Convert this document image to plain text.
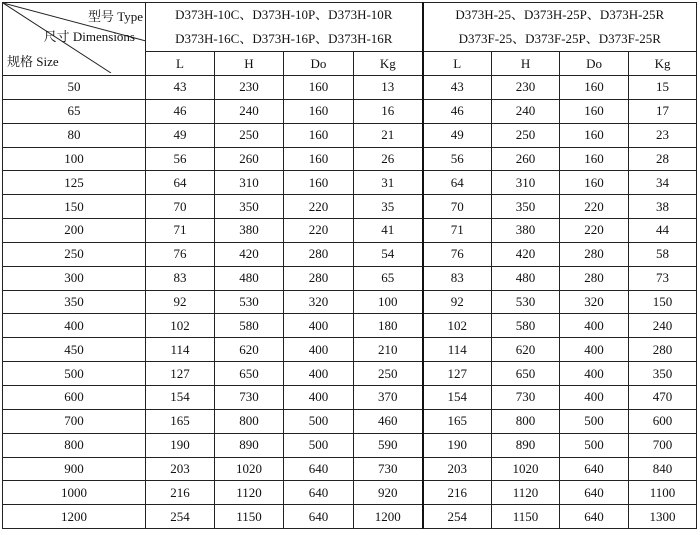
型号 Type
尺寸 Dimensions
规格 Size	D373H-10C、D373H-10P、D373H-10R
D373H-16C、D373H-16P、D373H-16R				D373H-25、D373H-25P、D373H-25R
D373F-25、D373F-25P、D373F-25R			

	L	H	Do	Kg	L	H	Do	Kg
50	43	230	160	13	43	230	160	15
65	46	240	160	16	46	240	160	17
80	49	250	160	21	49	250	160	23
100	56	260	160	26	56	260	160	28
125	64	310	160	31	64	310	160	34
150	70	350	220	35	70	350	220	38
200	71	380	220	41	71	380	220	44
250	76	420	280	54	76	420	280	58
300	83	480	280	65	83	480	280	73
350	92	530	320	100	92	530	320	150
400	102	580	400	180	102	580	400	240
450	114	620	400	210	114	620	400	280
500	127	650	400	250	127	650	400	350
600	154	730	400	370	154	730	400	470
700	165	800	500	460	165	800	500	600
800	190	890	500	590	190	890	500	700
900	203	1020	640	730	203	1020	640	840
1000	216	1120	640	920	216	1120	640	1100
1200	254	1150	640	1200	254	1150	640	1300
